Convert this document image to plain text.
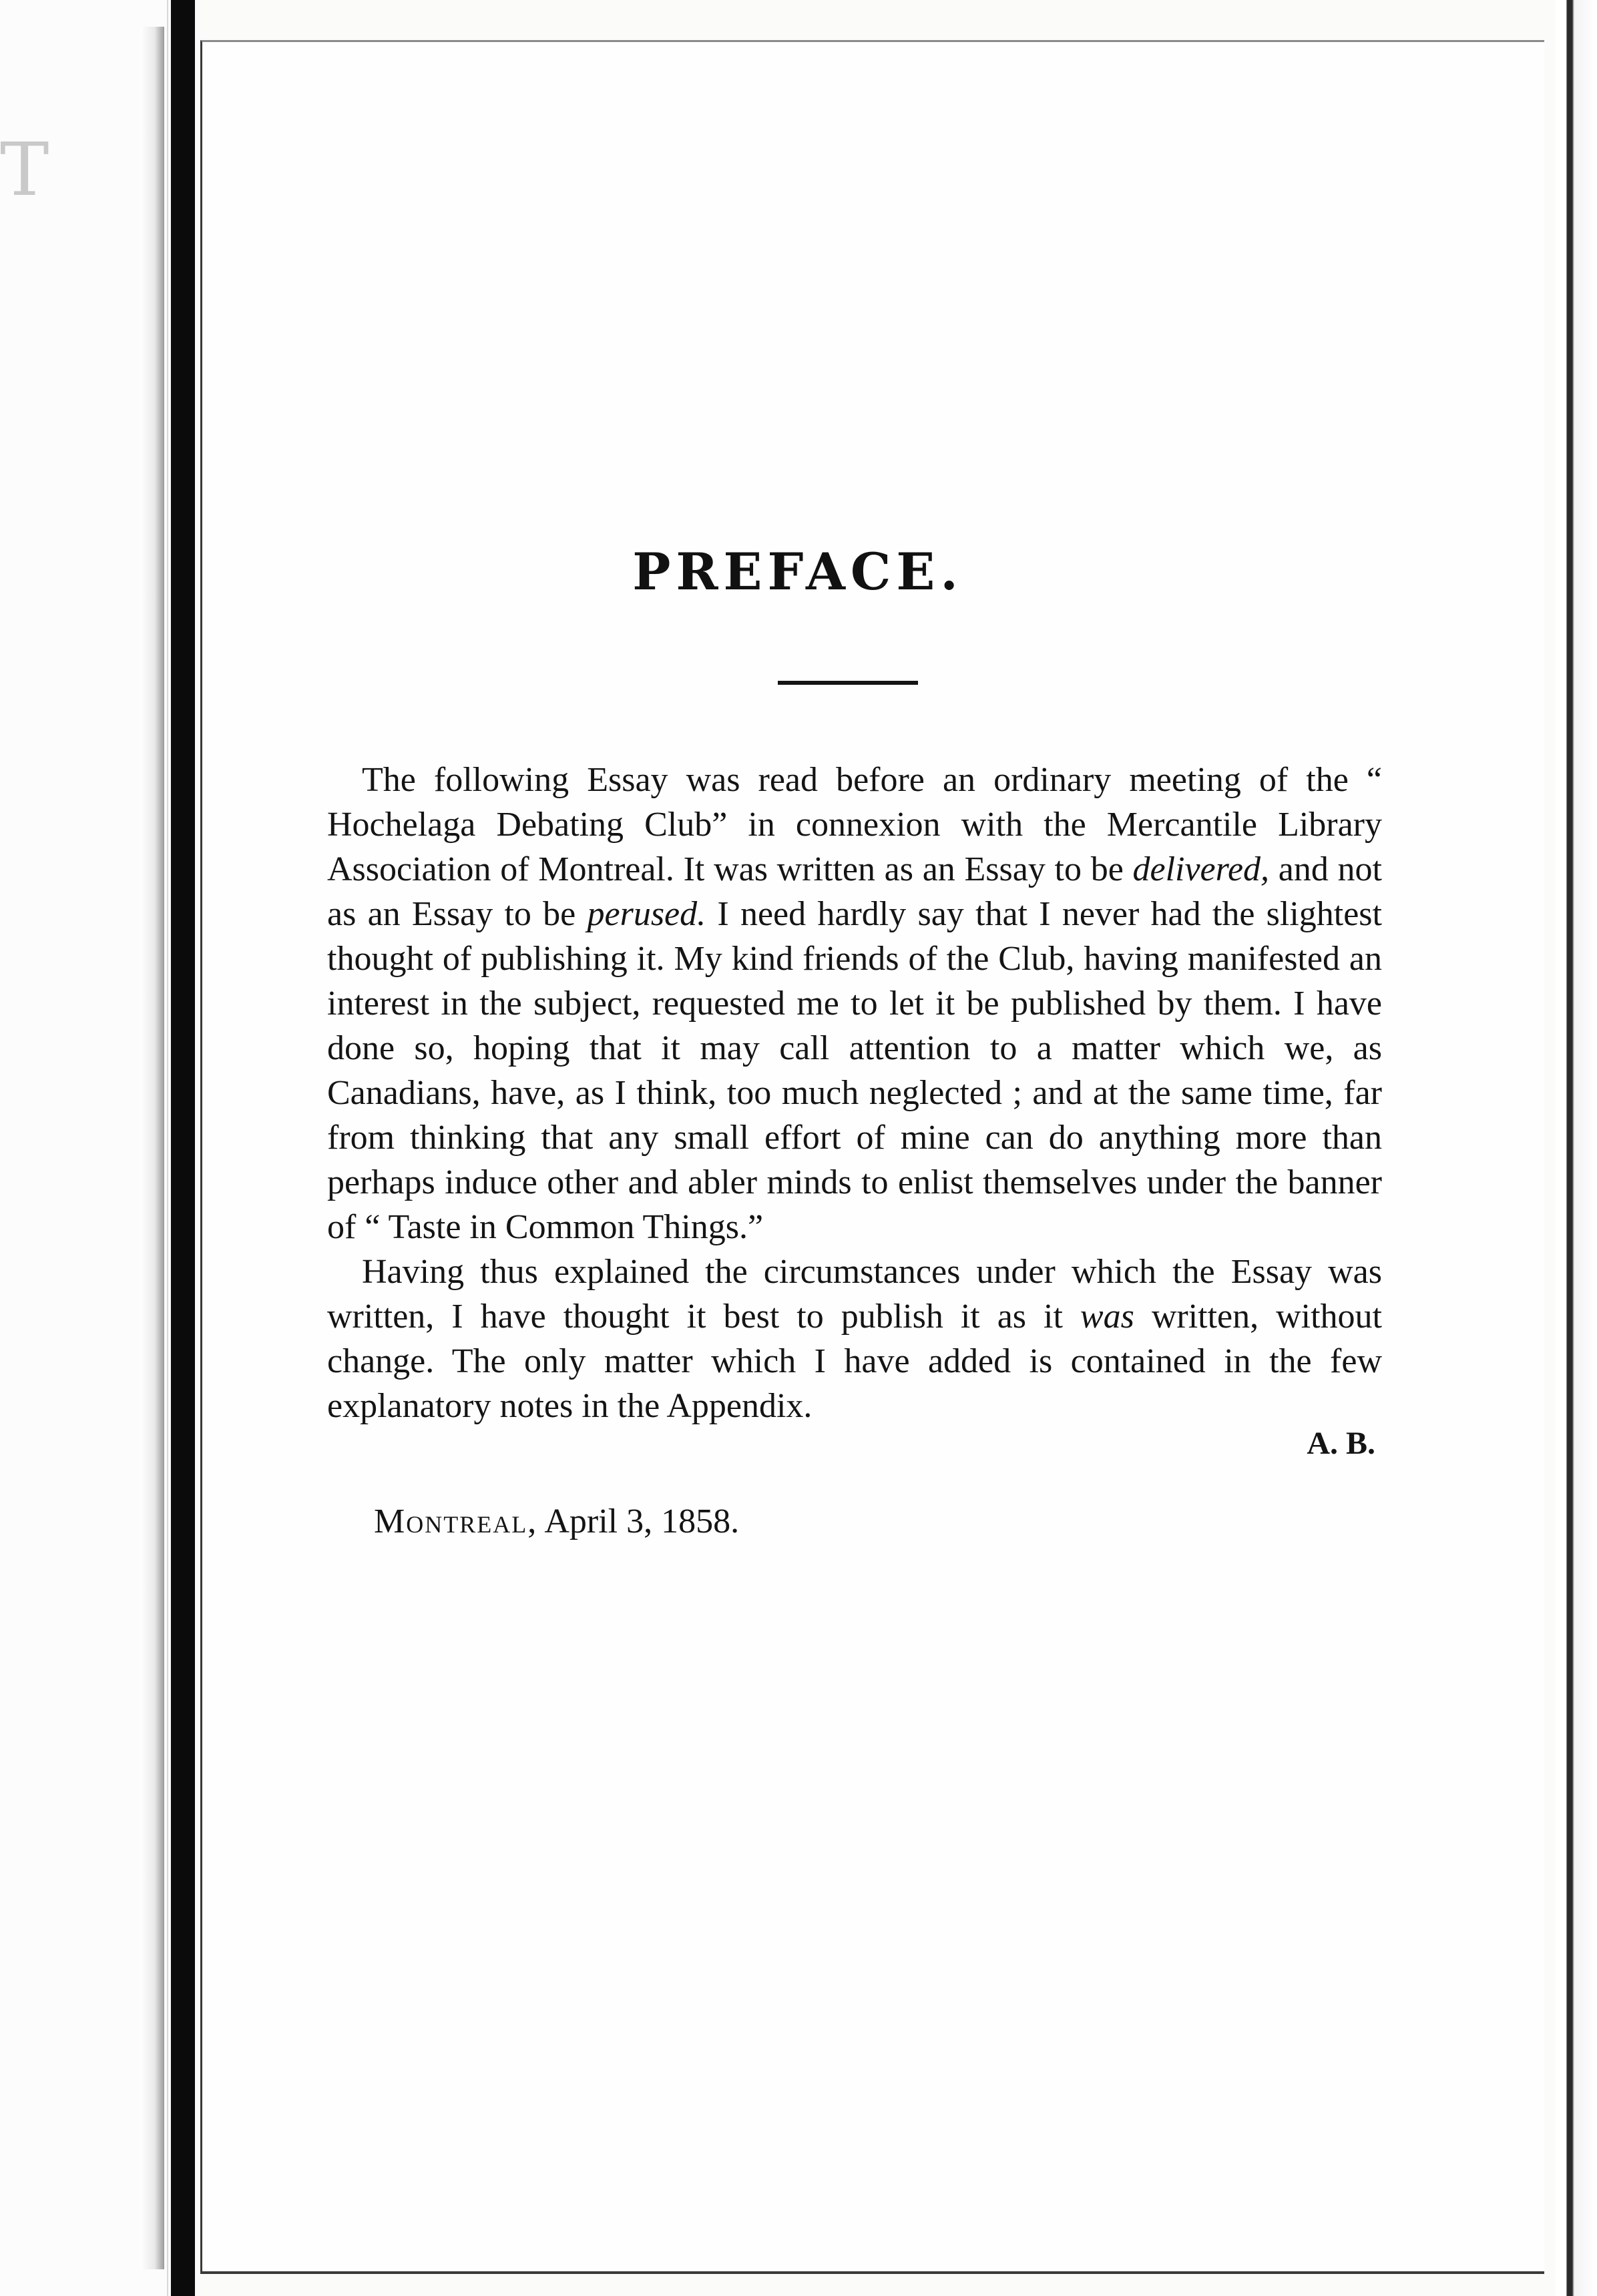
T
PREFACE.

The following Essay was read before an ordinary meeting of the “ Hochelaga Debating Club” in connexion with the Mercantile Library Association of Montreal. It was written as an Essay to be delivered, and not as an Essay to be perused. I need hardly say that I never had the slightest thought of publishing it. My kind friends of the Club, having manifested an interest in the subject, requested me to let it be published by them. I have done so, hoping that it may call attention to a matter which we, as Canadians, have, as I think, too much neglected ; and at the same time, far from thinking that any small effort of mine can do anything more than perhaps induce other and abler minds to enlist themselves under the banner of “ Taste in Common Things.”

Having thus explained the circumstances under which the Essay was written, I have thought it best to publish it as it was written, without change. The only matter which I have added is contained in the few explanatory notes in the Appendix.

A. B.
Montreal, April 3, 1858.
